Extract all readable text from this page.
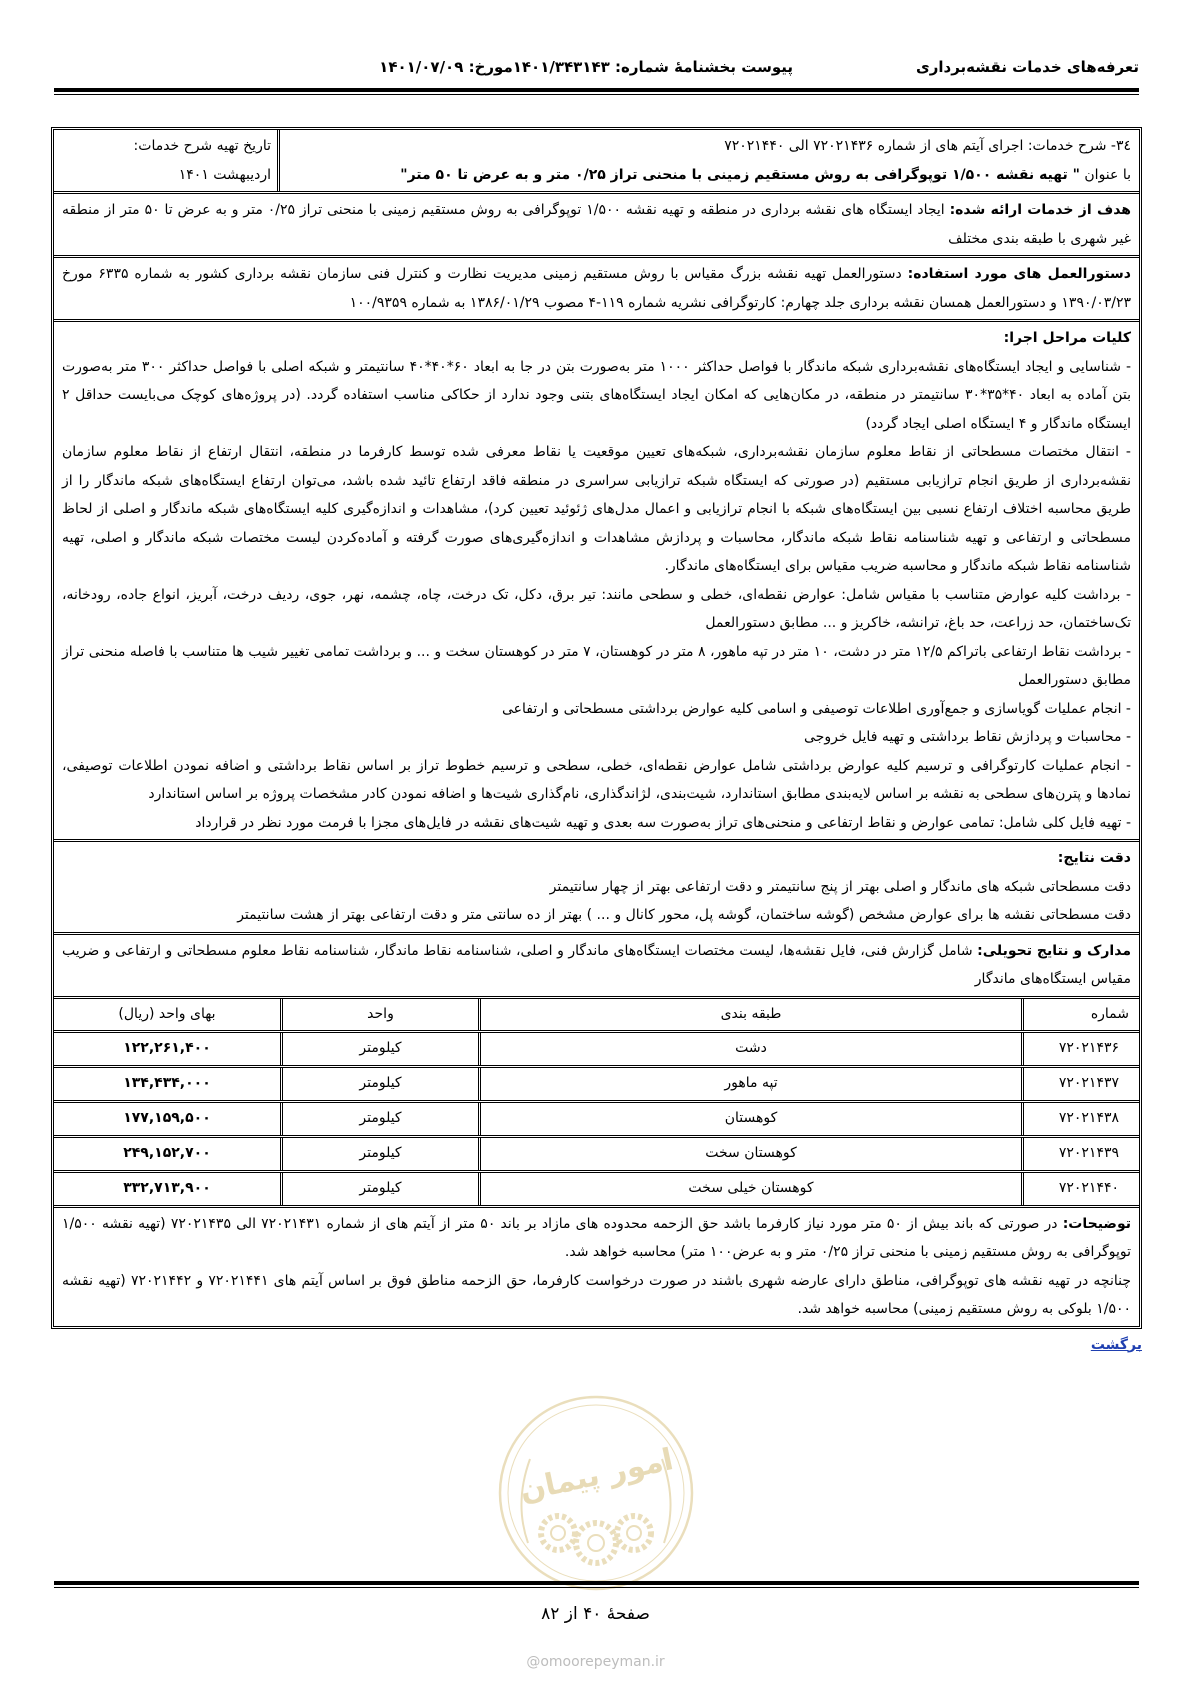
تعرفه‌های خدمات نقشه‌برداری
پیوست بخشنامهٔ شماره: ۱۴۰۱/۳۴۳۱۴۳مورخ: ۱۴۰۱/۰۷/۰۹
٣٤- شرح خدمات: اجرای آیتم های از شماره ۷۲۰۲۱۴۳۶ الی ۷۲۰۲۱۴۴۰
با عنوان " تهیه نقشه ۱/۵۰۰ توپوگرافی به روش مستقیم زمینی با منحنی تراز ۰/۲۵ متر و به عرض تا ۵۰ متر"
تاریخ تهیه شرح خدمات:
اردیبهشت ۱۴۰۱
هدف از خدمات ارائه شده: ایجاد ایستگاه های نقشه برداری در منطقه و تهیه نقشه ۱/۵۰۰ توپوگرافی به روش مستقیم زمینی با منحنی تراز ۰/۲۵ متر و به عرض تا ۵۰ متر از منطقه غیر شهری با طبقه بندی مختلف
دستورالعمل های مورد استفاده: دستورالعمل تهیه نقشه بزرگ مقیاس با روش مستقیم زمینی مدیریت نظارت و کنترل فنی سازمان نقشه برداری کشور به شماره ۶۳۳۵ مورخ ۱۳۹۰/۰۳/۲۳ و دستورالعمل همسان نقشه برداری جلد چهارم: کارتوگرافی نشریه شماره ۱۱۹-۴ مصوب ۱۳۸۶/۰۱/۲۹ به شماره ۱۰۰/۹۳۵۹
کلیات مراحل اجرا:
- شناسایی و ایجاد ایستگاه‌های نقشه‌برداری شبکه ماندگار با فواصل حداکثر ۱۰۰۰ متر به‌صورت بتن در جا به ابعاد ۶۰*۴۰*۴۰ سانتیمتر و شبکه اصلی با فواصل حداکثر ۳۰۰ متر به‌صورت بتن آماده به ابعاد ۴۰*۳۵*۳۰ سانتیمتر در منطقه، در مکان‌هایی که امکان ایجاد ایستگاه‌های بتنی وجود ندارد از حکاکی مناسب استفاده گردد. (در پروژه‌های کوچک می‌بایست حداقل ۲ ایستگاه ماندگار و ۴ ایستگاه اصلی ایجاد گردد)
- انتقال مختصات مسطحاتی از نقاط معلوم سازمان نقشه‌برداری، شبکه‌های تعیین موقعیت یا نقاط معرفی شده توسط کارفرما در منطقه، انتقال ارتفاع از نقاط معلوم سازمان نقشه‌برداری از طریق انجام ترازیابی مستقیم (در صورتی که ایستگاه شبکه ترازیابی سراسری در منطقه فاقد ارتفاع تائید شده باشد، می‌توان ارتفاع ایستگاه‌های شبکه ماندگار را از طریق محاسبه اختلاف ارتفاع نسبی بین ایستگاه‌های شبکه با انجام ترازیابی و اعمال مدل‌های ژئوئید تعیین کرد)، مشاهدات و اندازه‌گیری کلیه ایستگاه‌های شبکه ماندگار و اصلی از لحاظ مسطحاتی و ارتفاعی و تهیه شناسنامه نقاط شبکه ماندگار، محاسبات و پردازش مشاهدات و اندازه‌گیری‌های صورت گرفته و آماده‌کردن لیست مختصات شبکه ماندگار و اصلی، تهیه شناسنامه نقاط شبکه ماندگار و محاسبه ضریب مقیاس برای ایستگاه‌های ماندگار.
- برداشت کلیه عوارض متناسب با مقیاس شامل: عوارض نقطه‌ای، خطی و سطحی مانند: تیر برق، دکل، تک درخت، چاه، چشمه، نهر، جوی، ردیف درخت، آبریز، انواع جاده، رودخانه، تک‌ساختمان، حد زراعت، حد باغ، ترانشه، خاکریز و ... مطابق دستورالعمل
- برداشت نقاط ارتفاعی باتراکم ۱۲/۵ متر در دشت، ۱۰ متر در تپه ماهور، ۸ متر در کوهستان، ۷ متر در کوهستان سخت و ... و برداشت تمامی تغییر شیب ها متناسب با فاصله منحنی تراز مطابق دستورالعمل
- انجام عملیات گویاسازی و جمع‌آوری اطلاعات توصیفی و اسامی کلیه عوارض برداشتی مسطحاتی و ارتفاعی
- محاسبات و پردازش نقاط برداشتی و تهیه فایل خروجی
- انجام عملیات کارتوگرافی و ترسیم کلیه عوارض برداشتی شامل عوارض نقطه‌ای، خطی، سطحی و ترسیم خطوط تراز بر اساس نقاط برداشتی و اضافه نمودن اطلاعات توصیفی، نمادها و پترن‌های سطحی به نقشه بر اساس لایه‌بندی مطابق استاندارد، شیت‌بندی، لژاندگذاری، نام‌گذاری شیت‌ها و اضافه نمودن کادر مشخصات پروژه بر اساس استاندارد
- تهیه فایل کلی شامل: تمامی عوارض و نقاط ارتفاعی و منحنی‌های تراز به‌صورت سه بعدی و تهیه شیت‌های نقشه در فایل‌های مجزا با فرمت مورد نظر در قرارداد
دقت نتایج:
دقت مسطحاتی شبکه های ماندگار و اصلی بهتر از پنج سانتیمتر و دقت ارتفاعی بهتر از چهار سانتیمتر
دقت مسطحاتی نقشه ها برای عوارض مشخص (گوشه ساختمان، گوشه پل، محور کانال و ... ) بهتر از ده سانتی متر و دقت ارتفاعی بهتر از هشت سانتیمتر
مدارک و نتایج تحویلی: شامل گزارش فنی، فایل نقشه‌ها، لیست مختصات ایستگاه‌های ماندگار و اصلی، شناسنامه نقاط ماندگار، شناسنامه نقاط معلوم مسطحاتی و ارتفاعی و ضریب مقیاس ایستگاه‌های ماندگار
شماره
طبقه بندی
واحد
بهای واحد (ریال)
۷۲۰۲۱۴۳۶
دشت
کیلومتر
۱۲۲,۲۶۱,۴۰۰
۷۲۰۲۱۴۳۷
تپه ماهور
کیلومتر
۱۳۴,۴۳۴,۰۰۰
۷۲۰۲۱۴۳۸
کوهستان
کیلومتر
۱۷۷,۱۵۹,۵۰۰
۷۲۰۲۱۴۳۹
کوهستان سخت
کیلومتر
۲۴۹,۱۵۲,۷۰۰
۷۲۰۲۱۴۴۰
کوهستان خیلی سخت
کیلومتر
۳۳۲,۷۱۳,۹۰۰
توضیحات: در صورتی که باند بیش از ۵۰ متر مورد نیاز کارفرما باشد حق الزحمه محدوده های مازاد بر باند ۵۰ متر از آیتم های از شماره ۷۲۰۲۱۴۳۱ الی ۷۲۰۲۱۴۳۵ (تهیه نقشه ۱/۵۰۰ توپوگرافی به روش مستقیم زمینی با منحنی تراز ۰/۲۵ متر و به عرض۱۰۰ متر) محاسبه خواهد شد.
چنانچه در تهیه نقشه های توپوگرافی، مناطق دارای عارضه شهری باشند در صورت درخواست کارفرما، حق الزحمه مناطق فوق بر اساس آیتم های ۷۲۰۲۱۴۴۱ و ۷۲۰۲۱۴۴۲ (تهیه نقشه ۱/۵۰۰ بلوکی به روش مستقیم زمینی) محاسبه خواهد شد.
برگشت
امور پیمان
صفحهٔ ۴۰ از ۸۲
@omoorepeyman.ir
